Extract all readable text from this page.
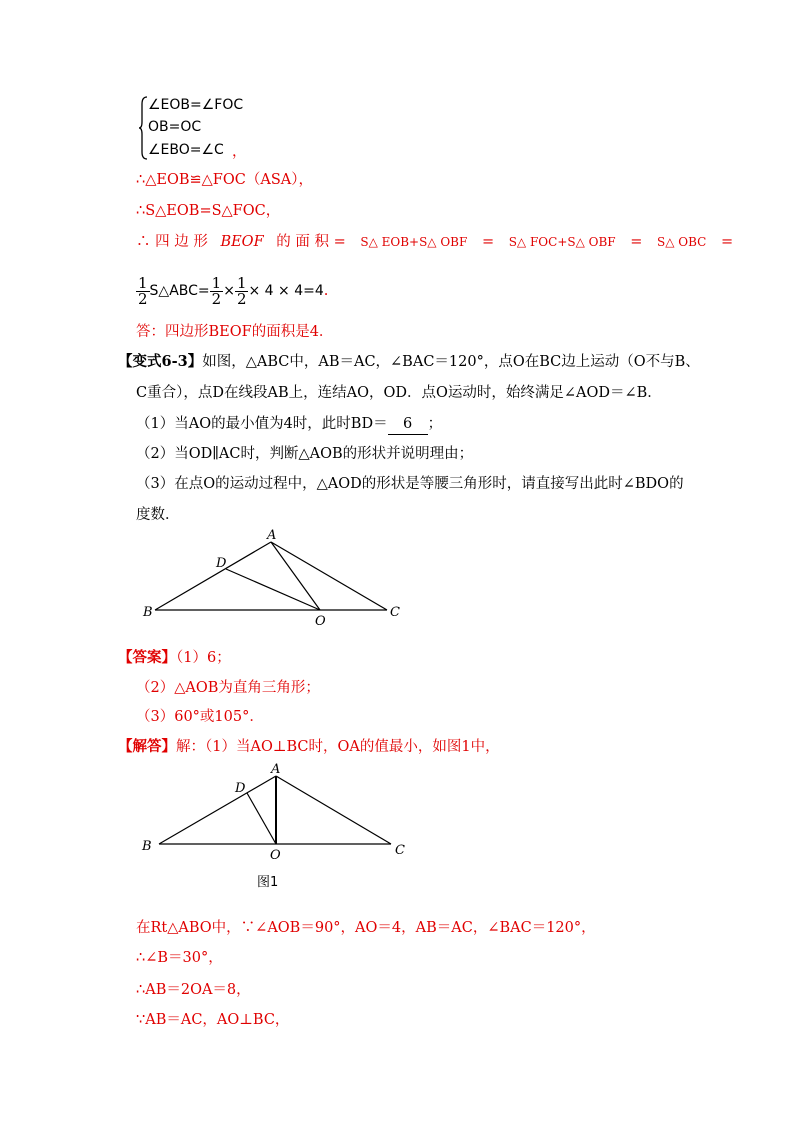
∠EOB=∠FOC
OB=OC
∠EBO=∠C ，
∴△EOB≌△FOC（ASA），
∴S△EOB=S△FOC，
∴ 四 边 形 BEOF 的 面 积 = S△ EOB+S△ OBF = S△ FOC+S△ OBF = S△ OBC =
$\frac{1}{2}$ S△ABC= $\frac{1}{2} \times \frac{1}{2} \times 4 \times 4=4$.
答：四边形BEOF的面积是4．
【变式6-3】如图，△ABC中，AB＝AC，∠BAC＝120°，点O在BC边上运动（O不与B、
C重合），点D在线段AB上，连结AO，OD．点O运动时，始终满足∠AOD＝∠B．
（1）当AO的最小值为4时，此时BD＝ 6 ；
（2）当OD∥AC时，判断△AOB的形状并说明理由；
（3）在点O的运动过程中，△AOD的形状是等腰三角形时，请直接写出此时∠BDO的
度数．
A
B	C
D
O
【答案】（1）6；
（2）△AOB为直角三角形；
（3）60°或105°．
【解答】解：（1）当AO⊥BC时，OA的值最小，如图1中，
A
B	C
D
O
图1
在Rt△ABO中，∵∠AOB＝90°，AO＝4，AB＝AC，∠BAC＝120°，
∴∠B＝30°，
∴AB＝2OA＝8，
∵AB＝AC，AO⊥BC，
